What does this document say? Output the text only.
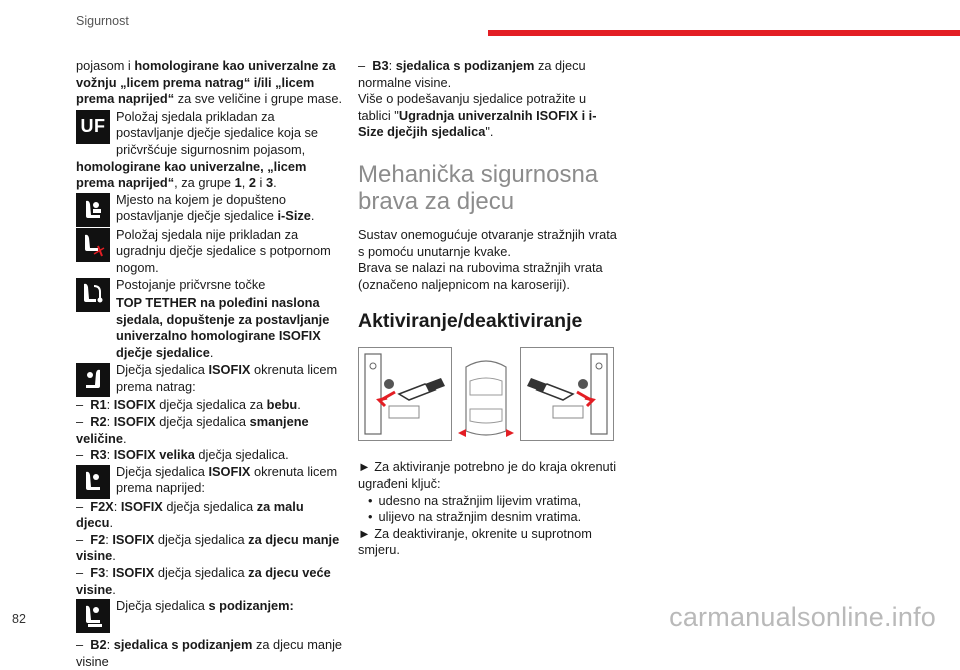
Sigurnost

pojasom i homologirane kao univerzalne za vožnju „licem prema natrag“ i/ili „licem prema naprijed“ za sve veličine i grupe mase.

UF
Položaj sjedala prikladan za postavljanje dječje sjedalice koja se pričvršćuje sigurnosnim pojasom,

homologirane kao univerzalne, „licem prema naprijed“, za grupe 1, 2 i 3.

Mjesto na kojem je dopušteno postavljanje dječje sjedalice i-Size.
Položaj sjedala nije prikladan za ugradnju dječje sjedalice s potpornom nogom.
Postojanje pričvrsne točke

TOP TETHER na poleđini naslona sjedala, dopuštenje za postavljanje univerzalno homologirane ISOFIX dječje sjedalice.

Dječja sjedalica ISOFIX okrenuta licem prema natrag:

– R1: ISOFIX dječja sjedalica za bebu.

– R2: ISOFIX dječja sjedalica smanjene veličine.

– R3: ISOFIX velika dječja sjedalica.

Dječja sjedalica ISOFIX okrenuta licem prema naprijed:

– F2X: ISOFIX dječja sjedalica za malu djecu.

– F2: ISOFIX dječja sjedalica za djecu manje visine.

– F3: ISOFIX dječja sjedalica za djecu veće visine.

Dječja sjedalica s podizanjem:

– B2: sjedalica s podizanjem za djecu manje visine

– B3: sjedalica s podizanjem za djecu normalne visine.

Više o podešavanju sjedalice potražite u tablici "Ugradnja univerzalnih ISOFIX i i-Size dječjih sjedalica".

Mehanička sigurnosna brava za djecu

Sustav onemogućuje otvaranje stražnjih vrata s pomoću unutarnje kvake.

Brava se nalazi na rubovima stražnjih vrata (označeno naljepnicom na karoseriji).

Aktiviranje/deaktiviranje

► Za aktiviranje potrebno je do kraja okrenuti ugrađeni ključ:

• udesno na stražnjim lijevim vratima,
• ulijevo na stražnjim desnim vratima.

► Za deaktiviranje, okrenite u suprotnom smjeru.

82	carmanualsonline.info
